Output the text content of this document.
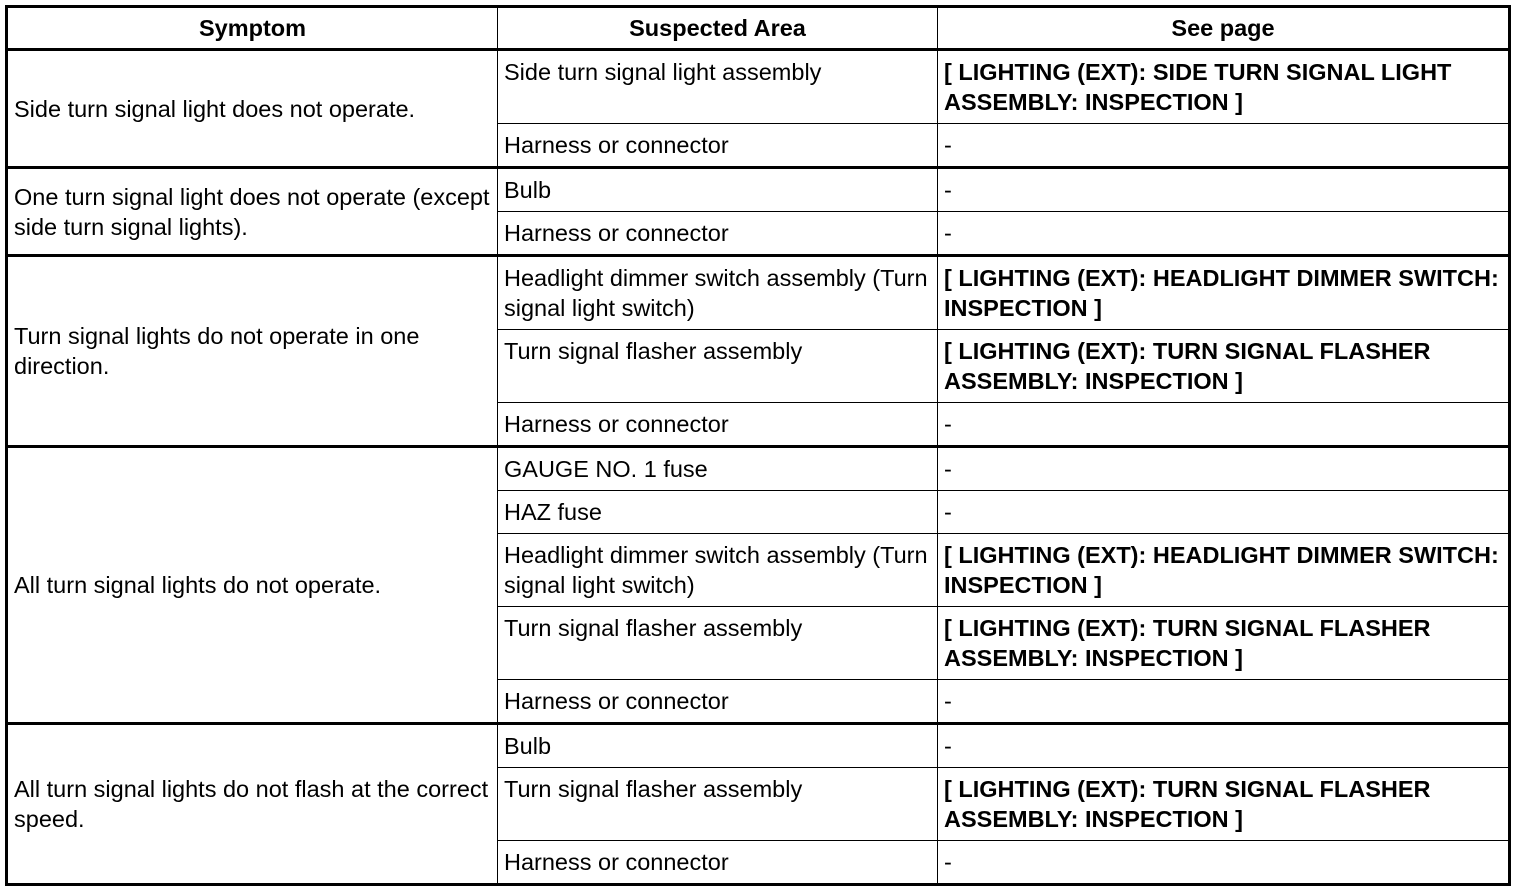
Symptom	Suspected Area	See page
Side turn signal light does not operate.	Side turn signal light assembly	[ LIGHTING (EXT): SIDE TURN SIGNAL LIGHT ASSEMBLY: INSPECTION ]
	Harness or connector	-
One turn signal light does not operate (except side turn signal lights).	Bulb	-
	Harness or connector	-
Turn signal lights do not operate in one direction.	Headlight dimmer switch assembly (Turn signal light switch)	[ LIGHTING (EXT): HEADLIGHT DIMMER SWITCH: INSPECTION ]
	Turn signal flasher assembly	[ LIGHTING (EXT): TURN SIGNAL FLASHER ASSEMBLY: INSPECTION ]
	Harness or connector	-
All turn signal lights do not operate.	GAUGE NO. 1 fuse	-
	HAZ fuse	-
	Headlight dimmer switch assembly (Turn signal light switch)	[ LIGHTING (EXT): HEADLIGHT DIMMER SWITCH: INSPECTION ]
	Turn signal flasher assembly	[ LIGHTING (EXT): TURN SIGNAL FLASHER ASSEMBLY: INSPECTION ]
	Harness or connector	-
All turn signal lights do not flash at the correct speed.	Bulb	-
	Turn signal flasher assembly	[ LIGHTING (EXT): TURN SIGNAL FLASHER ASSEMBLY: INSPECTION ]
	Harness or connector	-
